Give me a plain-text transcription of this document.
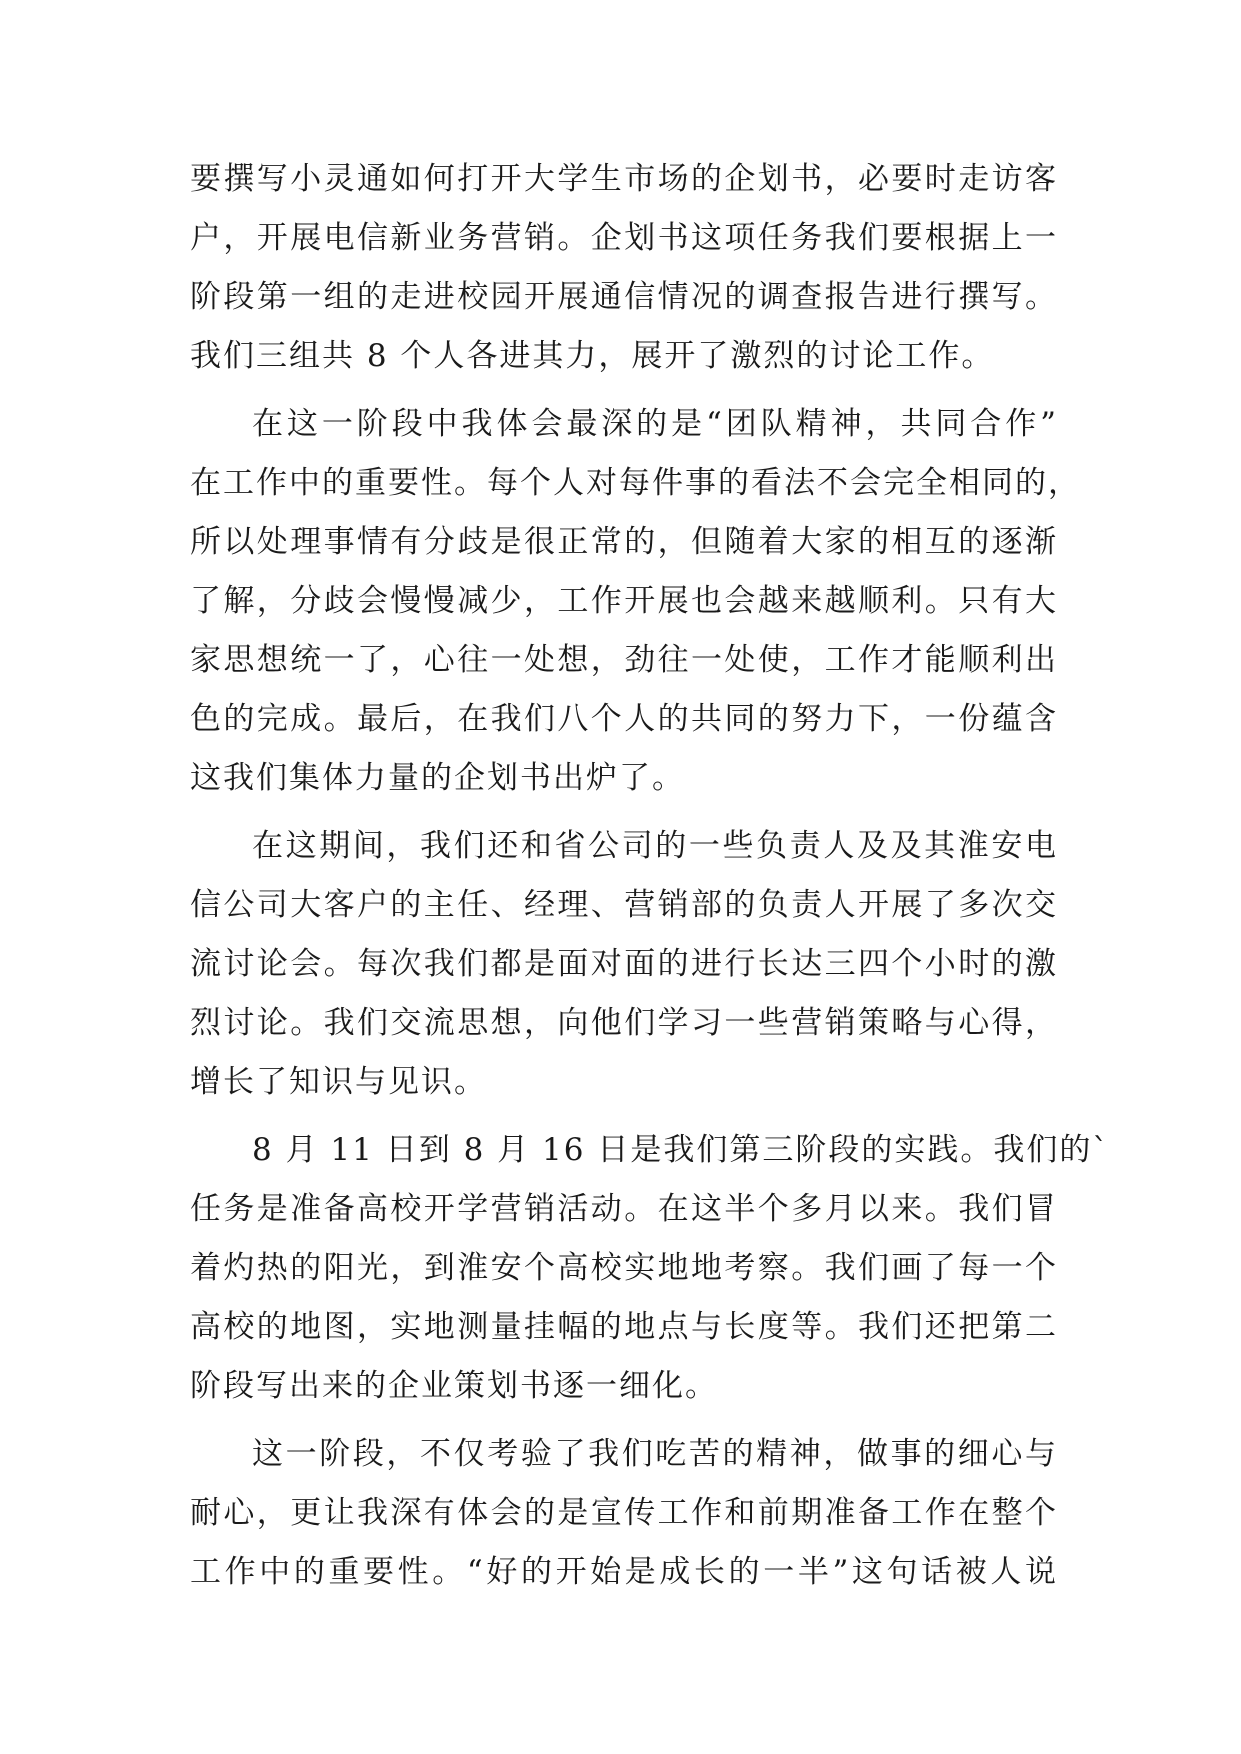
要撰写小灵通如何打开大学生市场的企划书，必要时走访客
户，开展电信新业务营销。企划书这项任务我们要根据上一
阶段第一组的走进校园开展通信情况的调查报告进行撰写。
我们三组共 8 个人各进其力，展开了激烈的讨论工作。
在这一阶段中我体会最深的是“团队精神，共同合作”
在工作中的重要性。每个人对每件事的看法不会完全相同的，
所以处理事情有分歧是很正常的，但随着大家的相互的逐渐
了解，分歧会慢慢减少，工作开展也会越来越顺利。只有大
家思想统一了，心往一处想，劲往一处使，工作才能顺利出
色的完成。最后，在我们八个人的共同的努力下，一份蕴含
这我们集体力量的企划书出炉了。
在这期间，我们还和省公司的一些负责人及及其淮安电
信公司大客户的主任、经理、营销部的负责人开展了多次交
流讨论会。每次我们都是面对面的进行长达三四个小时的激
烈讨论。我们交流思想，向他们学习一些营销策略与心得，
增长了知识与见识。
8 月 11 日到 8 月 16 日是我们第三阶段的实践。我们的`
任务是准备高校开学营销活动。在这半个多月以来。我们冒
着灼热的阳光，到淮安个高校实地地考察。我们画了每一个
高校的地图，实地测量挂幅的地点与长度等。我们还把第二
阶段写出来的企业策划书逐一细化。
这一阶段，不仅考验了我们吃苦的精神，做事的细心与
耐心，更让我深有体会的是宣传工作和前期准备工作在整个
工作中的重要性。“好的开始是成长的一半”这句话被人说
